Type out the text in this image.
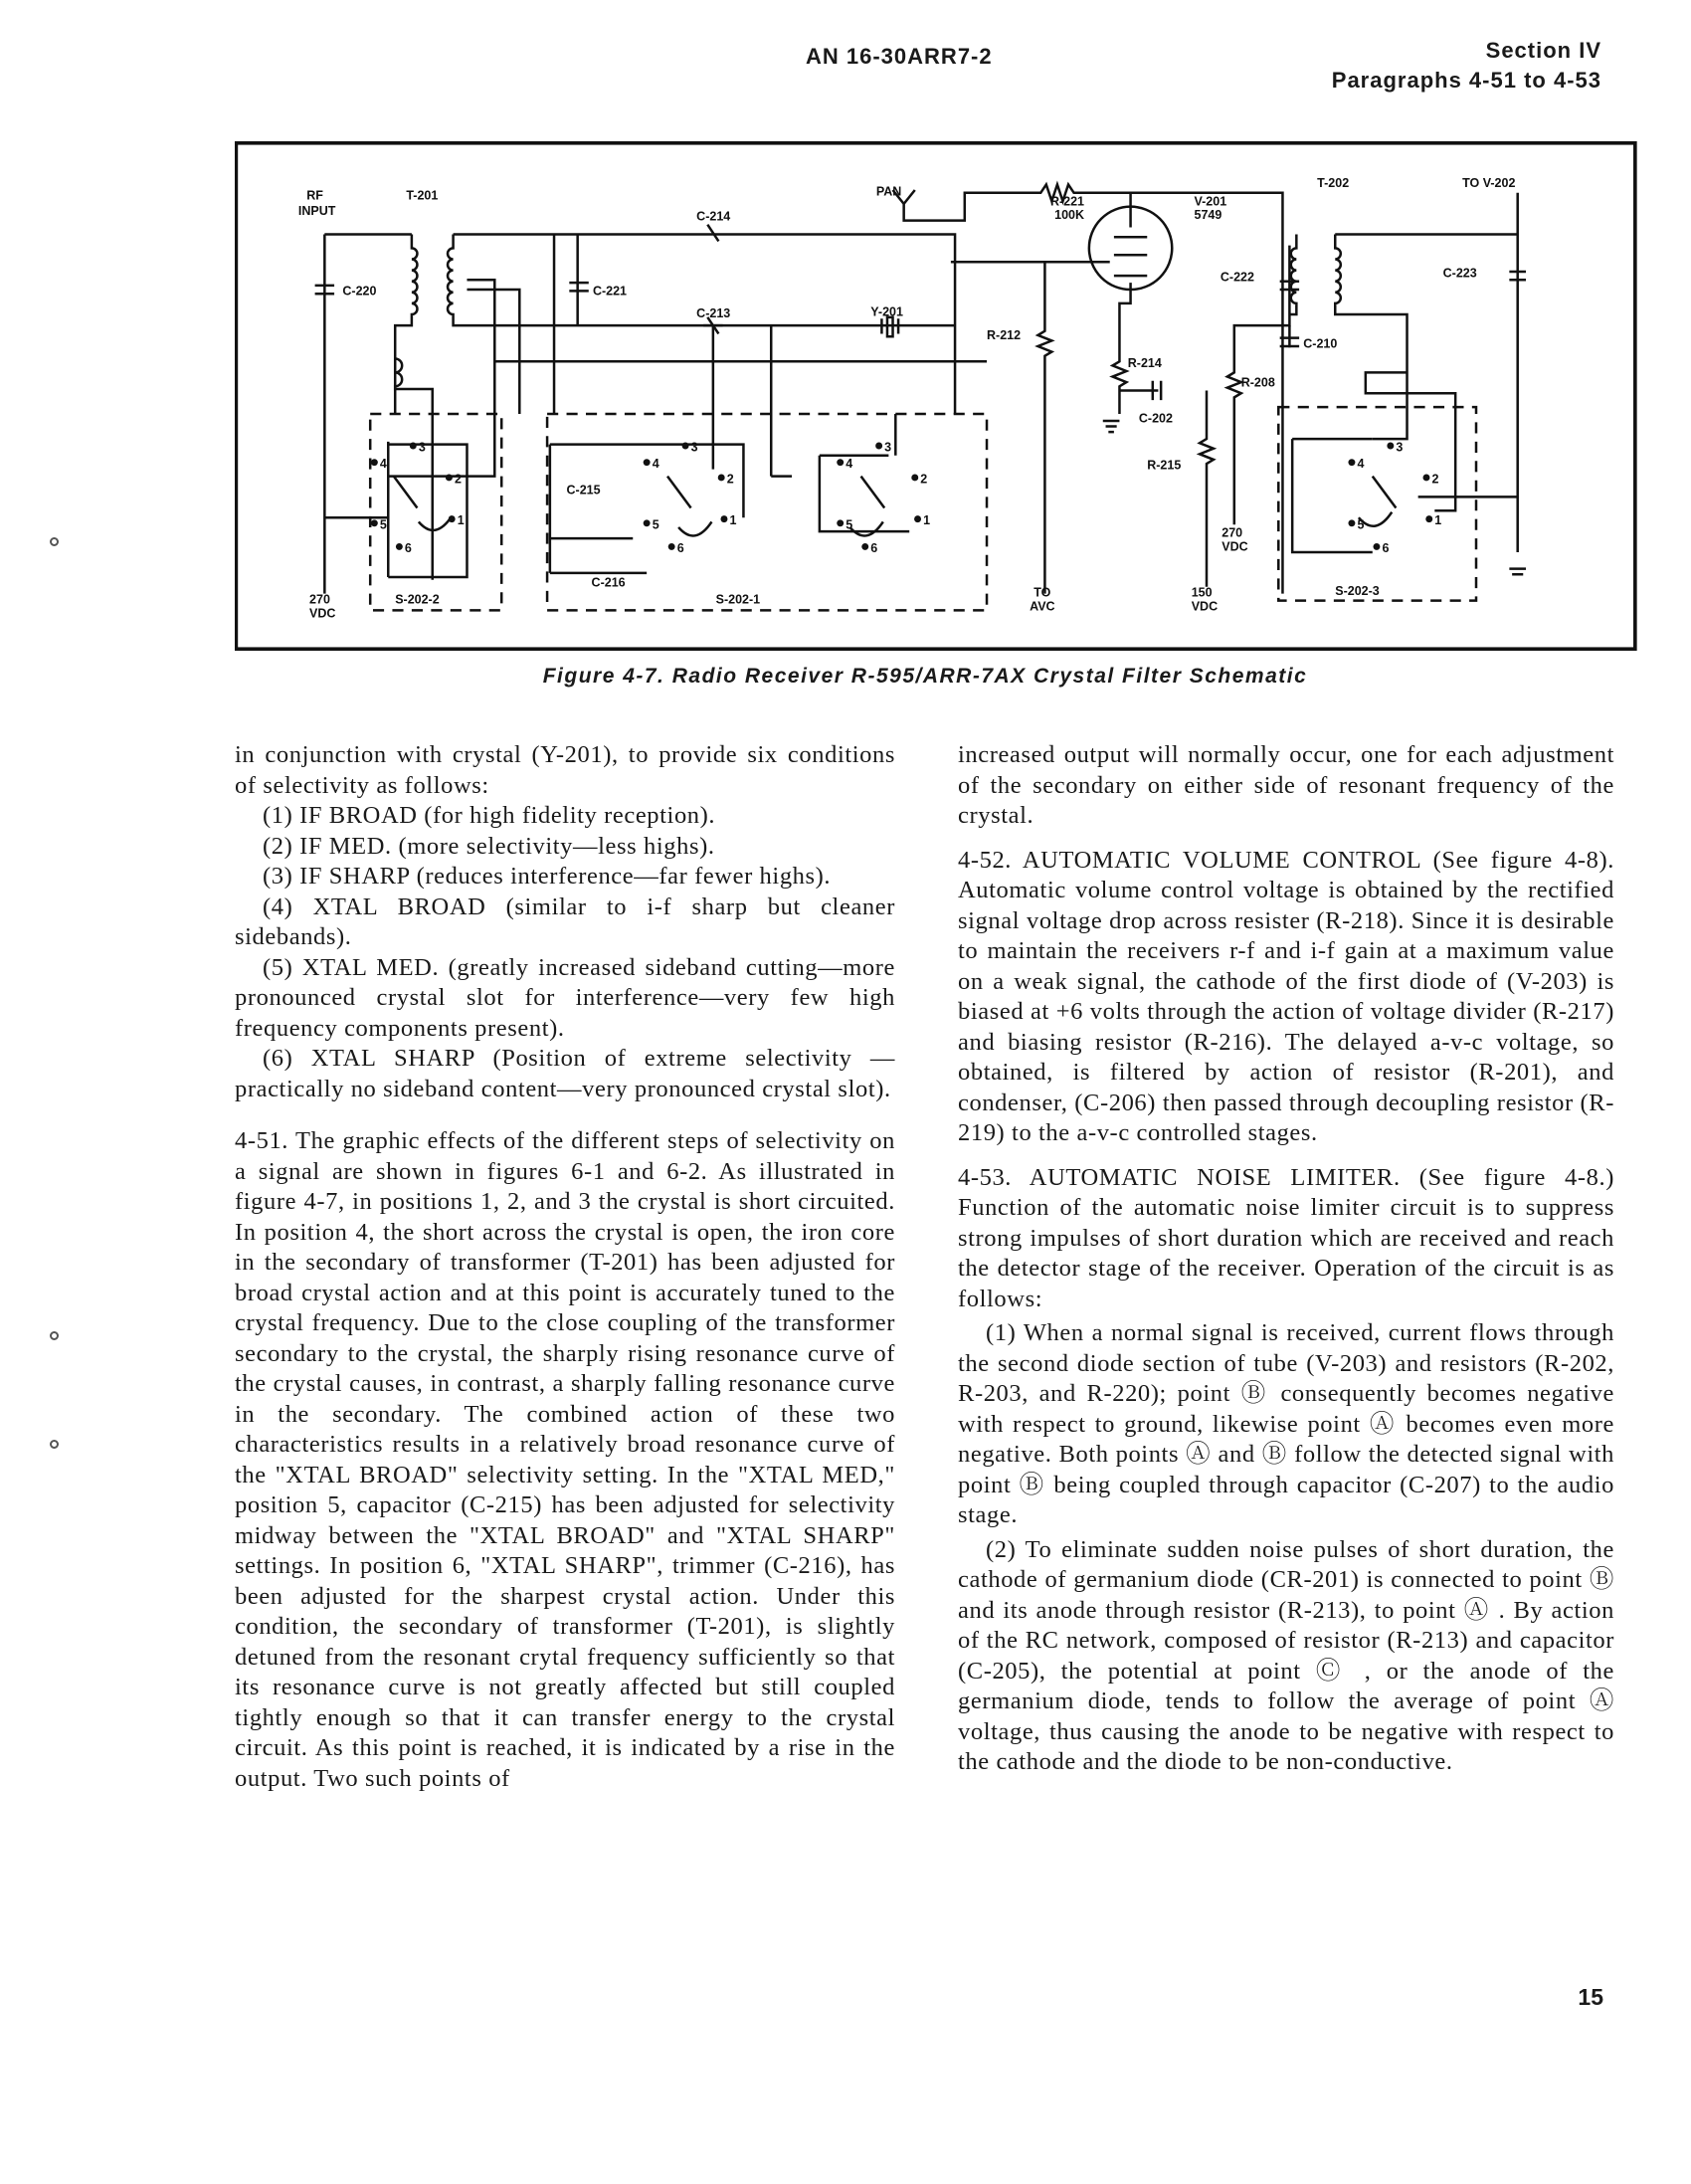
AN 16-30ARR7-2	Section IV
Paragraphs 4-51 to 4-53
RF
INPUT
T-201
C-214
PAN
R-221
100K
V-201
5749
T-202	TO V-202
C-220	C-221
C-213	Y-201
R-212
C-222	C-223
C-210
R-214
R-208
C-202
R-215
C-215
C-216
S-202-2	S-202-1
S-202-3
TO
AVC
270
VDC
270
VDC
150
VDC
1
2
3
4
5
6
1
2
3
4
5
6
1
2
3
4
5
6
1
2
3
4
5
6
Figure 4-7. Radio Receiver R-595/ARR-7AX Crystal Filter Schematic

in conjunction with crystal (Y-201), to provide six conditions of selectivity as follows:

(1) IF BROAD (for high fidelity reception).

(2) IF MED. (more selectivity—less highs).

(3) IF SHARP (reduces interference—far fewer highs).

(4) XTAL BROAD (similar to i-f sharp but cleaner sidebands).

(5) XTAL MED. (greatly increased sideband cutting—more pronounced crystal slot for interference—very few high frequency components present).

(6) XTAL SHARP (Position of extreme selectivity —practically no sideband content—very pronounced crystal slot).

4-51. The graphic effects of the different steps of selectivity on a signal are shown in figures 6-1 and 6-2. As illustrated in figure 4-7, in positions 1, 2, and 3 the crystal is short circuited. In position 4, the short across the crystal is open, the iron core in the secondary of transformer (T-201) has been adjusted for broad crystal action and at this point is accurately tuned to the crystal frequency. Due to the close coupling of the transformer secondary to the crystal, the sharply rising resonance curve of the crystal causes, in contrast, a sharply falling resonance curve in the secondary. The combined action of these two characteristics results in a relatively broad resonance curve of the "XTAL BROAD" selectivity setting. In the "XTAL MED," position 5, capacitor (C-215) has been adjusted for selectivity midway between the "XTAL BROAD" and "XTAL SHARP" settings. In position 6, "XTAL SHARP", trimmer (C-216), has been adjusted for the sharpest crystal action. Under this condition, the secondary of transformer (T-201), is slightly detuned from the resonant crytal frequency sufficiently so that its resonance curve is not greatly affected but still coupled tightly enough so that it can transfer energy to the crystal circuit. As this point is reached, it is indicated by a rise in the output. Two such points of

increased output will normally occur, one for each adjustment of the secondary on either side of resonant frequency of the crystal.

4-52. AUTOMATIC VOLUME CONTROL (See figure 4-8). Automatic volume control voltage is obtained by the rectified signal voltage drop across resister (R-218). Since it is desirable to maintain the receivers r-f and i-f gain at a maximum value on a weak signal, the cathode of the first diode of (V-203) is biased at +6 volts through the action of voltage divider (R-217) and biasing resistor (R-216). The delayed a-v-c voltage, so obtained, is filtered by action of resistor (R-201), and condenser, (C-206) then passed through decoupling resistor (R-219) to the a-v-c controlled stages.

4-53. AUTOMATIC NOISE LIMITER. (See figure 4-8.) Function of the automatic noise limiter circuit is to suppress strong impulses of short duration which are received and reach the detector stage of the receiver. Operation of the circuit is as follows:

(1) When a normal signal is received, current flows through the second diode section of tube (V-203) and resistors (R-202, R-203, and R-220); point Ⓑ consequently becomes negative with respect to ground, likewise point Ⓐ becomes even more negative. Both points Ⓐ and Ⓑ follow the detected signal with point Ⓑ being coupled through capacitor (C-207) to the audio stage.

(2) To eliminate sudden noise pulses of short duration, the cathode of germanium diode (CR-201) is connected to point Ⓑ and its anode through resistor (R-213), to point Ⓐ . By action of the RC network, composed of resistor (R-213) and capacitor (C-205), the potential at point Ⓒ , or the anode of the germanium diode, tends to follow the average of point Ⓐ voltage, thus causing the anode to be negative with respect to the cathode and the diode to be non-conductive.

15
